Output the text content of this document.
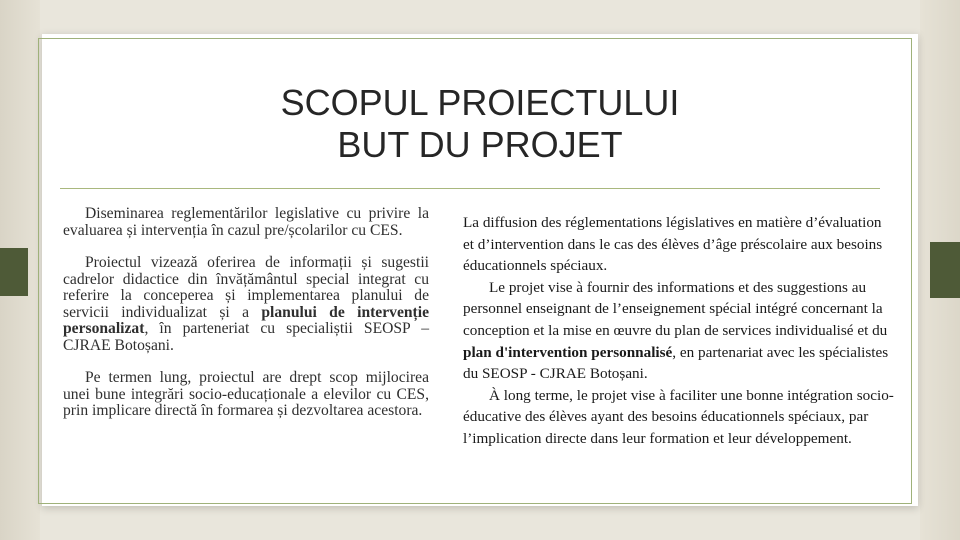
SCOPUL PROIECTULUI
BUT DU PROJET

Diseminarea reglementărilor legislative cu privire la evaluarea și intervenția în cazul pre/școlarilor cu CES.

Proiectul vizează oferirea de informații și sugestii cadrelor didactice din învățământul special integrat cu referire la conceperea și implementarea planului de servicii individualizat și a planului de intervenție personalizat, în parteneriat cu specialiștii SEOSP – CJRAE Botoșani.

Pe termen lung, proiectul are drept scop mijlocirea unei bune integrări socio-educaționale a elevilor cu CES, prin implicare directă în formarea și dezvoltarea acestora.

La diffusion des réglementations législatives en matière d’évaluation et d’intervention dans le cas des élèves d’âge préscolaire aux besoins éducationnels spéciaux.

Le projet vise à fournir des informations et des suggestions au personnel enseignant de l’enseignement spécial intégré concernant la conception et la mise en œuvre du plan de services individualisé et du plan d'intervention personnalisé, en partenariat avec les spécialistes du SEOSP - CJRAE Botoșani.

À long terme, le projet vise à faciliter une bonne intégration socio-éducative des élèves ayant des besoins éducationnels spéciaux, par l’implication directe dans leur formation et leur développement.
